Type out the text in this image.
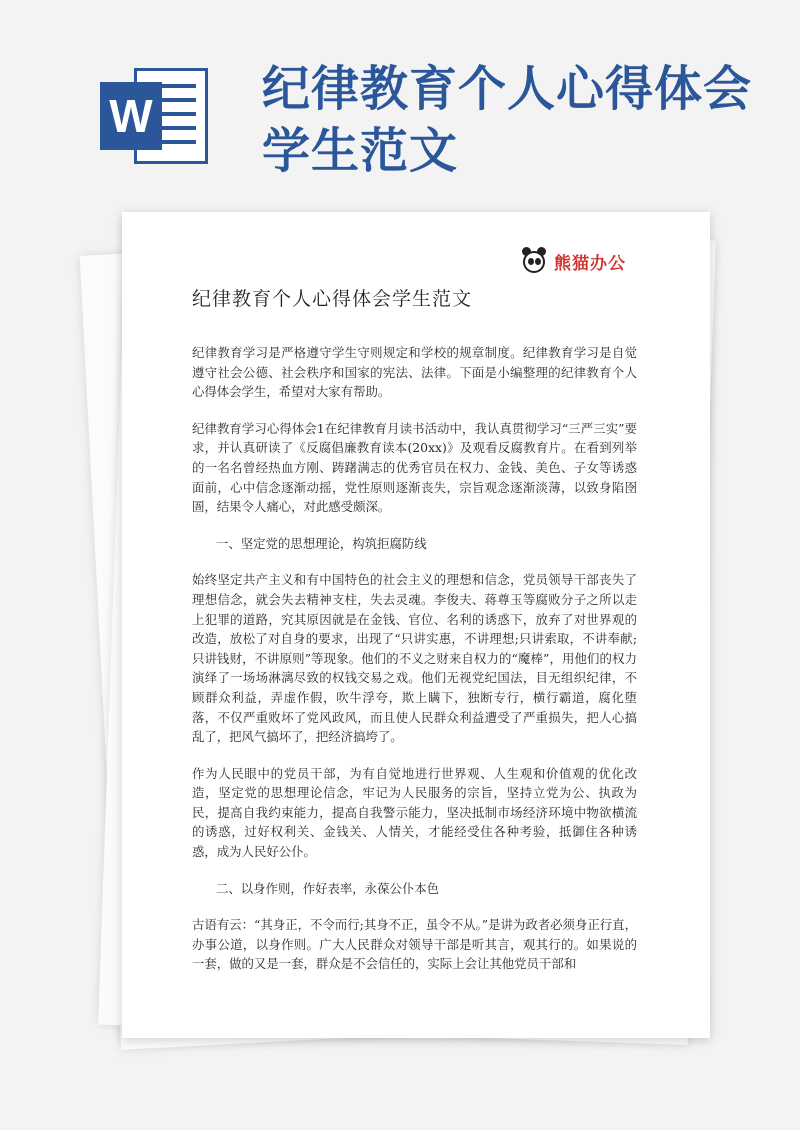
W 纪律教育个人心得体会学生范文
熊猫办公
纪律教育个人心得体会学生范文

纪律教育学习是严格遵守学生守则规定和学校的规章制度。纪律教育学习是自觉遵守社会公德、社会秩序和国家的宪法、法律。下面是小编整理的纪律教育个人心得体会学生，希望对大家有帮助。

纪律教育学习心得体会1在纪律教育月读书活动中，我认真贯彻学习“三严三实”要求，并认真研读了《反腐倡廉教育读本(20xx)》及观看反腐教育片。在看到列举的一名名曾经热血方刚、踌躇满志的优秀官员在权力、金钱、美色、子女等诱惑面前，心中信念逐渐动摇，党性原则逐渐丧失，宗旨观念逐渐淡薄，以致身陷囹圄，结果令人痛心，对此感受颇深。

一、坚定党的思想理论，构筑拒腐防线

始终坚定共产主义和有中国特色的社会主义的理想和信念，党员领导干部丧失了理想信念，就会失去精神支柱，失去灵魂。李俊夫、蒋尊玉等腐败分子之所以走上犯罪的道路，究其原因就是在金钱、官位、名利的诱惑下，放弃了对世界观的改造，放松了对自身的要求，出现了“只讲实惠，不讲理想;只讲索取，不讲奉献;只讲钱财，不讲原则”等现象。他们的不义之财来自权力的“魔棒”，用他们的权力演绎了一场场淋漓尽致的权钱交易之戏。他们无视党纪国法，目无组织纪律，不顾群众利益，弄虚作假，吹牛浮夸，欺上瞒下，独断专行，横行霸道，腐化堕落，不仅严重败坏了党风政风，而且使人民群众利益遭受了严重损失，把人心搞乱了，把风气搞坏了，把经济搞垮了。

作为人民眼中的党员干部，为有自觉地进行世界观、人生观和价值观的优化改造，坚定党的思想理论信念，牢记为人民服务的宗旨，坚持立党为公、执政为民，提高自我约束能力，提高自我警示能力，坚决抵制市场经济环境中物欲横流的诱惑，过好权利关、金钱关、人情关，才能经受住各种考验，抵御住各种诱惑，成为人民好公仆。

二、以身作则，作好表率，永葆公仆本色

古语有云：“其身正，不令而行;其身不正，虽令不从。”是讲为政者必须身正行直，办事公道，以身作则。广大人民群众对领导干部是听其言，观其行的。如果说的一套，做的又是一套，群众是不会信任的，实际上会让其他党员干部和
